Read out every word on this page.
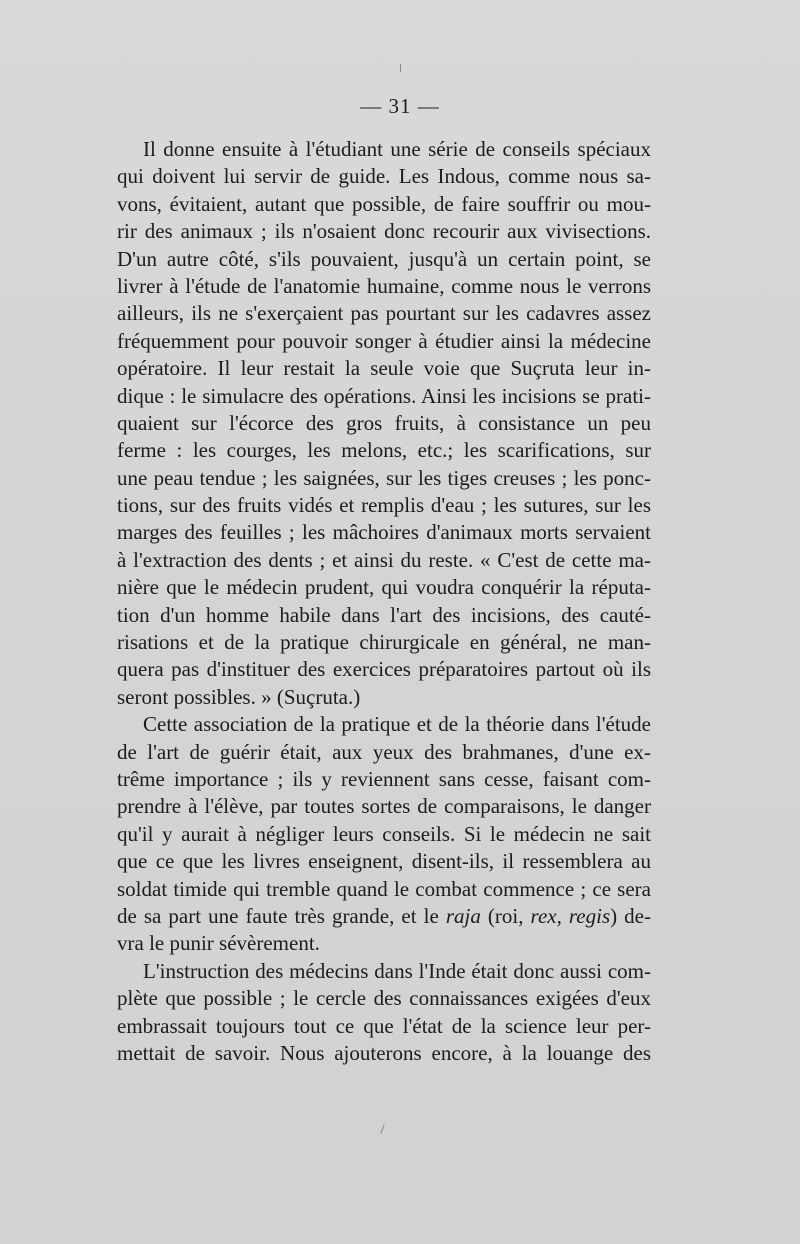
— 31 —
Il donne ensuite à l'étudiant une série de conseils spéciaux
qui doivent lui servir de guide. Les Indous, comme nous sa-
vons, évitaient, autant que possible, de faire souffrir ou mou-
rir des animaux ; ils n'osaient donc recourir aux vivisections.
D'un autre côté, s'ils pouvaient, jusqu'à un certain point, se
livrer à l'étude de l'anatomie humaine, comme nous le verrons
ailleurs, ils ne s'exerçaient pas pourtant sur les cadavres assez
fréquemment pour pouvoir songer à étudier ainsi la médecine
opératoire. Il leur restait la seule voie que Suçruta leur in-
dique : le simulacre des opérations. Ainsi les incisions se prati-
quaient sur l'écorce des gros fruits, à consistance un peu
ferme : les courges, les melons, etc.; les scarifications, sur
une peau tendue ; les saignées, sur les tiges creuses ; les ponc-
tions, sur des fruits vidés et remplis d'eau ; les sutures, sur les
marges des feuilles ; les mâchoires d'animaux morts servaient
à l'extraction des dents ; et ainsi du reste. « C'est de cette ma-
nière que le médecin prudent, qui voudra conquérir la réputa-
tion d'un homme habile dans l'art des incisions, des cauté-
risations et de la pratique chirurgicale en général, ne man-
quera pas d'instituer des exercices préparatoires partout où ils
seront possibles. » (Suçruta.)
Cette association de la pratique et de la théorie dans l'étude
de l'art de guérir était, aux yeux des brahmanes, d'une ex-
trême importance ; ils y reviennent sans cesse, faisant com-
prendre à l'élève, par toutes sortes de comparaisons, le danger
qu'il y aurait à négliger leurs conseils. Si le médecin ne sait
que ce que les livres enseignent, disent-ils, il ressemblera au
soldat timide qui tremble quand le combat commence ; ce sera
de sa part une faute très grande, et le raja (roi, rex, regis) de-
vra le punir sévèrement.
L'instruction des médecins dans l'Inde était donc aussi com-
plète que possible ; le cercle des connaissances exigées d'eux
embrassait toujours tout ce que l'état de la science leur per-
mettait de savoir. Nous ajouterons encore, à la louange des
